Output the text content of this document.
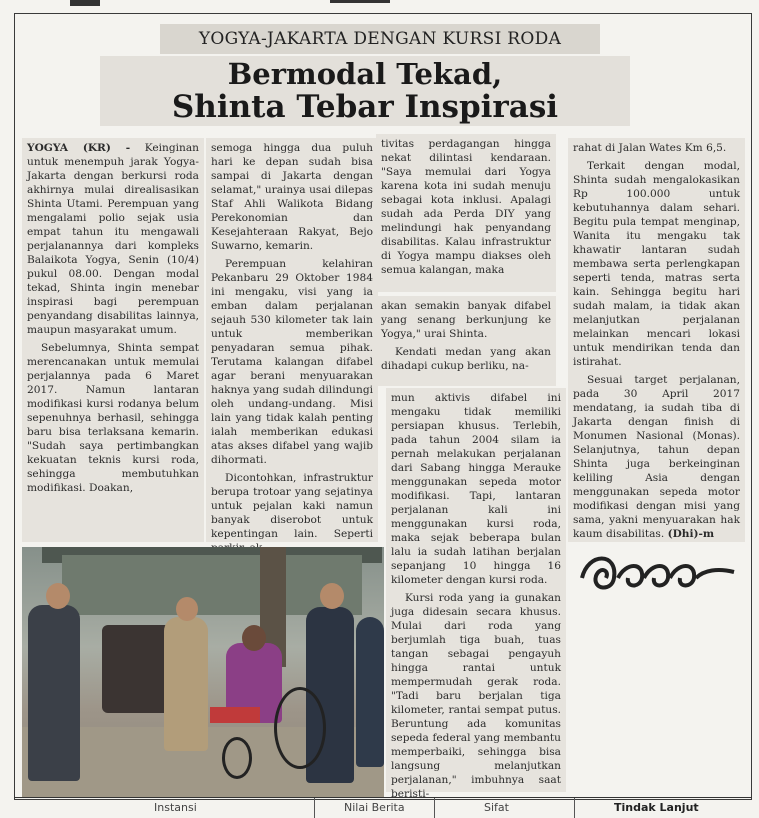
YOGYA-JAKARTA DENGAN KURSI RODA
Bermodal Tekad,
Shinta Tebar Inspirasi

YOGYA (KR) - Keinginan untuk menempuh jarak Yogya-Jakarta dengan berkursi roda akhirnya mulai direalisasikan Shinta Utami. Perempuan yang mengalami polio sejak usia empat tahun itu mengawali perjalanannya dari kompleks Balaikota Yogya, Senin (10/4) pukul 08.00. Dengan modal tekad, Shinta ingin menebar inspirasi bagi perempuan penyandang disabilitas lainnya, maupun masyarakat umum.

Sebelumnya, Shinta sempat merencanakan untuk memulai perjalannya pada 6 Maret 2017. Namun lantaran modifikasi kursi rodanya belum sepenuhnya berhasil, sehingga baru bisa terlaksana kemarin. "Sudah saya pertimbangkan kekuatan teknis kursi roda, sehingga membutuhkan modifikasi. Doakan,

semoga hingga dua puluh hari ke depan sudah bisa sampai di Jakarta dengan selamat," urainya usai dilepas Staf Ahli Walikota Bidang Perekonomian dan Kesejahteraan Rakyat, Bejo Suwarno, kemarin.

Perempuan kelahiran Pekanbaru 29 Oktober 1984 ini mengaku, visi yang ia emban dalam perjalanan sejauh 530 kilometer tak lain untuk memberikan penyadaran semua pihak. Terutama kalangan difabel agar berani menyuarakan haknya yang sudah dilindungi oleh undang-undang. Misi lain yang tidak kalah penting ialah memberikan edukasi atas akses difabel yang wajib dihormati.

Dicontohkan, infrastruktur berupa trotoar yang sejatinya untuk pejalan kaki namun banyak diserobot untuk kepentingan lain. Seperti

tivitas perdagangan hingga nekat dilintasi kendaraan. "Saya memulai dari Yogya karena kota ini sudah menuju sebagai kota inklusi. Apalagi sudah ada Perda DIY yang melindungi hak penyandang disabilitas. Kalau infrastruktur di Yogya mampu diakses oleh semua kalangan, maka

akan semakin banyak difabel yang senang berkunjung ke Yogya," urai Shinta.

Kendati medan yang akan dihadapi cukup berliku, na-

mun aktivis difabel ini mengaku tidak memiliki persiapan khusus. Terlebih, pada tahun 2004 silam ia pernah melakukan perjalanan dari Sabang hingga Merauke menggunakan sepeda motor modifikasi. Tapi, lantaran perjalanan kali ini menggunakan kursi roda, maka sejak beberapa bulan lalu ia sudah latihan berjalan sepanjang 10 hingga 16 kilometer dengan kursi roda.

Kursi roda yang ia gunakan juga didesain secara khusus. Mulai dari roda yang berjumlah tiga buah, tuas tangan sebagai pengayuh hingga rantai untuk mempermudah gerak roda. "Tadi baru berjalan tiga kilometer, rantai sempat putus. Beruntung ada komunitas sepeda federal yang membantu memperbaiki, sehingga bisa langsung melanjutkan perjalanan," imbuhnya saat beristi-

rahat di Jalan Wates Km 6,5.

Terkait dengan modal, Shinta sudah mengalokasikan Rp 100.000 untuk kebutuhannya dalam sehari. Begitu pula tempat menginap, Wanita itu mengaku tak khawatir lantaran sudah membawa serta perlengkapan seperti tenda, matras serta kain. Sehingga begitu hari sudah malam, ia tidak akan melanjutkan perjalanan melainkan mencari lokasi untuk mendirikan tenda dan istirahat.

Sesuai target perjalanan, pada 30 April 2017 mendatang, ia sudah tiba di Jakarta dengan finish di Monumen Nasional (Monas). Selanjutnya, tahun depan Shinta juga berkeinginan keliling Asia dengan menggunakan sepeda motor modifikasi dengan misi yang sama, yakni menyuarakan hak kaum disabilitas. (Dhi)-m

Instansi	Nilai Berita	Sifat	Tindak Lanjut
